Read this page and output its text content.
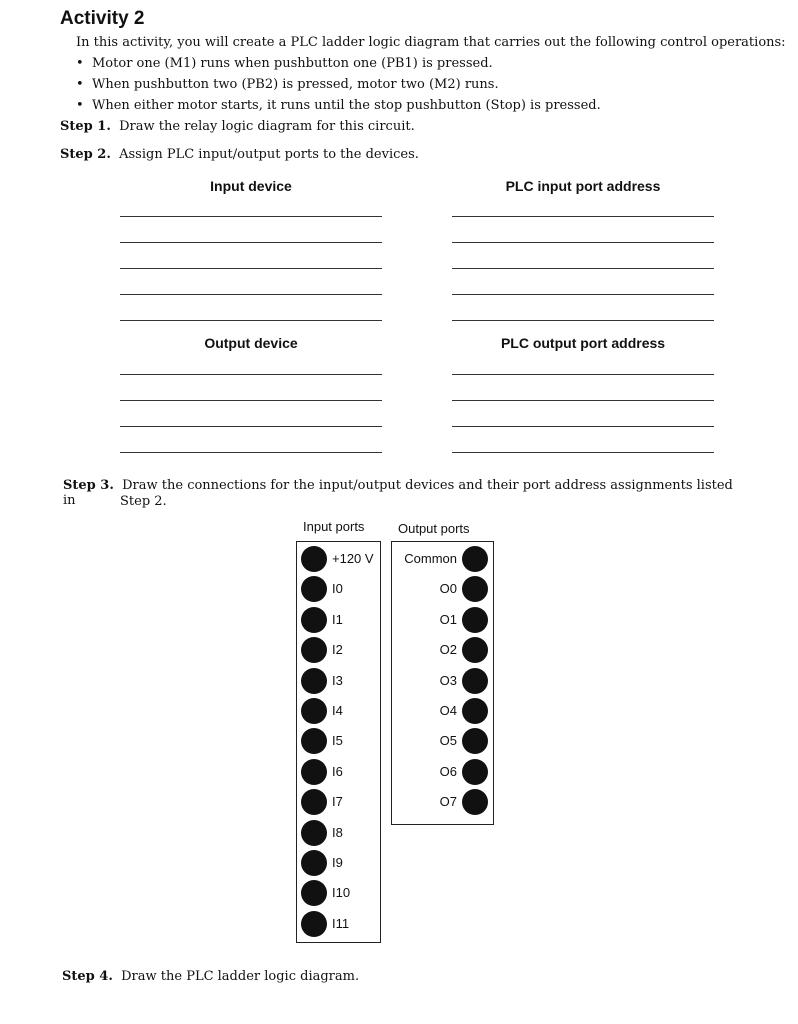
Activity 2
In this activity, you will create a PLC ladder logic diagram that carries out the following control operations:
• Motor one (M1) runs when pushbutton one (PB1) is pressed.
• When pushbutton two (PB2) is pressed, motor two (M2) runs.
• When either motor starts, it runs until the stop pushbutton (Stop) is pressed.
Step 1. Draw the relay logic diagram for this circuit.
Step 2. Assign PLC input/output ports to the devices.
Input device	PLC input port address
Output device	PLC output port address
Step 3. Draw the connections for the input/output devices and their port address assignments listed in	Step 2.
Input ports	Output ports
+120 V
I0
I1
I2
I3
I4
I5
I6
I7
I8
I9
I10
I11
Common
O0
O1
O2
O3
O4
O5
O6
O7
Step 4. Draw the PLC ladder logic diagram.
